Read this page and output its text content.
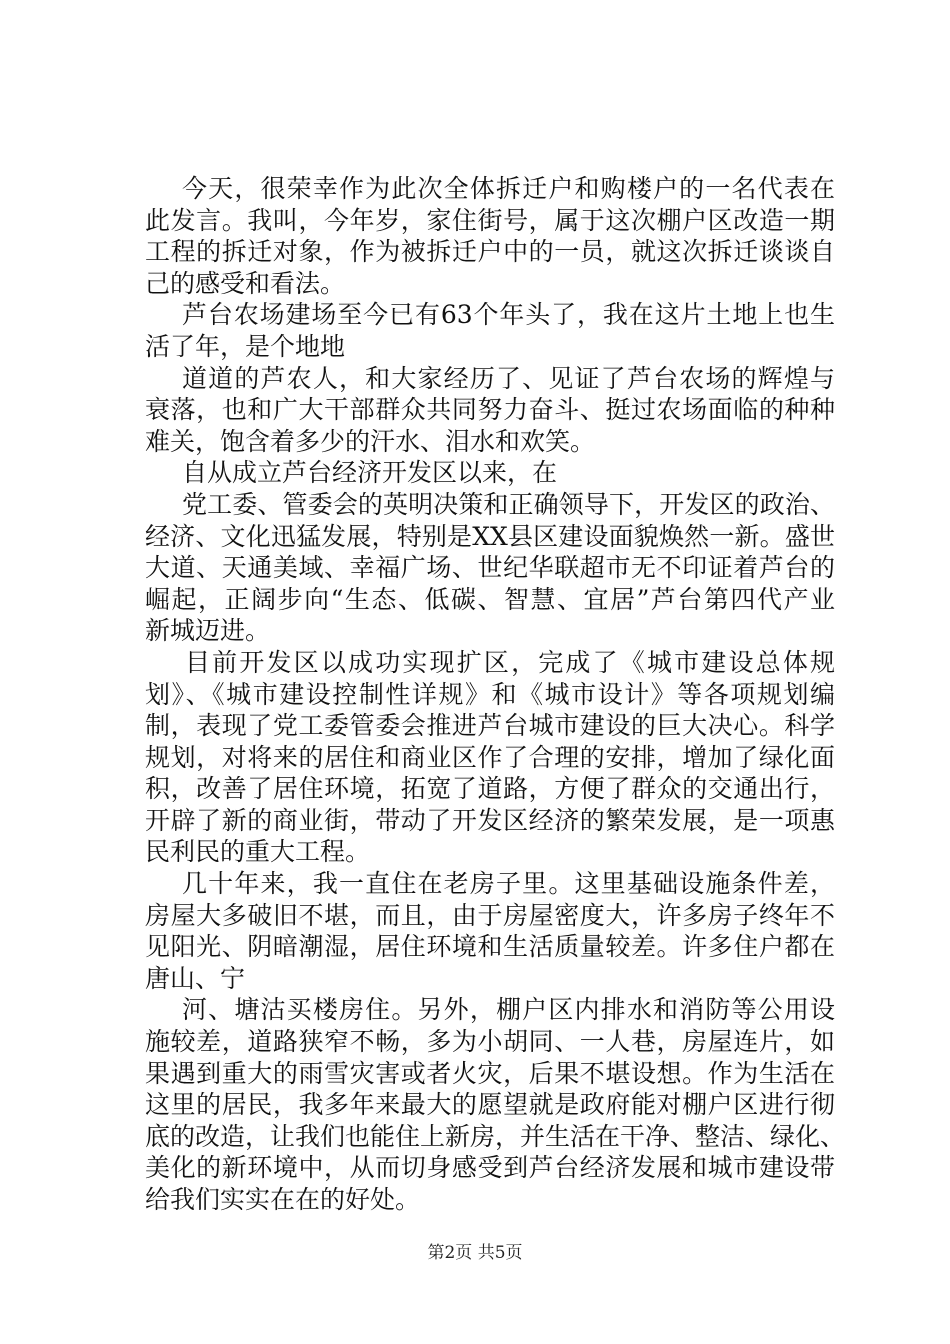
今天，很荣幸作为此次全体拆迁户和购楼户的一名代表在
此发言。我叫，今年岁，家住街号，属于这次棚户区改造一期
工程的拆迁对象，作为被拆迁户中的一员，就这次拆迁谈谈自
己的感受和看法。
芦台农场建场至今已有63个年头了，我在这片土地上也生
活了年，是个地地
道道的芦农人，和大家经历了、见证了芦台农场的辉煌与
衰落，也和广大干部群众共同努力奋斗、挺过农场面临的种种
难关，饱含着多少的汗水、泪水和欢笑。
自从成立芦台经济开发区以来，在
党工委、管委会的英明决策和正确领导下，开发区的政治、
经济、文化迅猛发展，特别是XX县区建设面貌焕然一新。盛世
大道、天通美域、幸福广场、世纪华联超市无不印证着芦台的
崛起，正阔步向“生态、低碳、智慧、宜居”芦台第四代产业
新城迈进。
目前开发区以成功实现扩区，完成了《城市建设总体规
划》、《城市建设控制性详规》和《城市设计》等各项规划编
制，表现了党工委管委会推进芦台城市建设的巨大决心。科学
规划，对将来的居住和商业区作了合理的安排，增加了绿化面
积，改善了居住环境，拓宽了道路，方便了群众的交通出行，
开辟了新的商业街，带动了开发区经济的繁荣发展，是一项惠
民利民的重大工程。
几十年来，我一直住在老房子里。这里基础设施条件差，
房屋大多破旧不堪，而且，由于房屋密度大，许多房子终年不
见阳光、阴暗潮湿，居住环境和生活质量较差。许多住户都在
唐山、宁
河、塘沽买楼房住。另外，棚户区内排水和消防等公用设
施较差，道路狭窄不畅，多为小胡同、一人巷，房屋连片，如
果遇到重大的雨雪灾害或者火灾，后果不堪设想。作为生活在
这里的居民，我多年来最大的愿望就是政府能对棚户区进行彻
底的改造，让我们也能住上新房，并生活在干净、整洁、绿化、
美化的新环境中，从而切身感受到芦台经济发展和城市建设带
给我们实实在在的好处。
第2页 共5页
